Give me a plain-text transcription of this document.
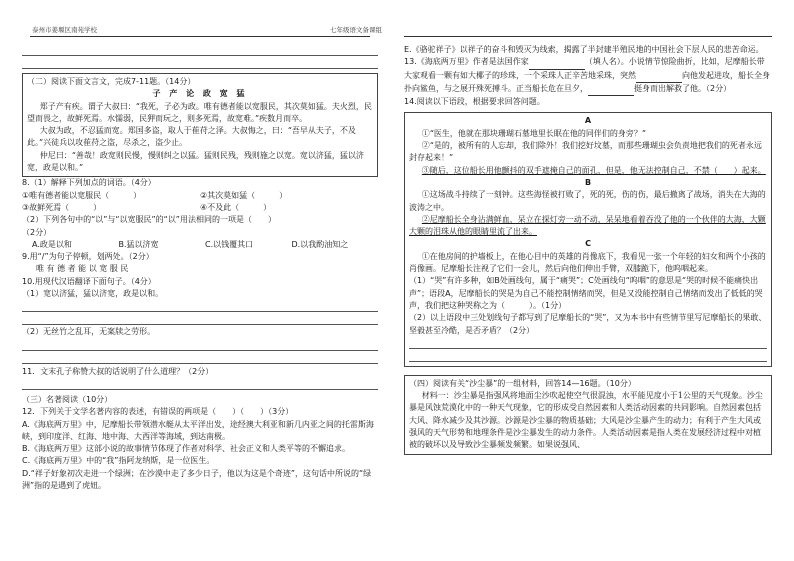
泰州市姜堰区南苑学校	七年级语文备课组

（二）阅读下面文言文，完成7-11题。（14分）

子 产 论 政 宽 猛

郑子产有疾。谓子大叔曰：“我死，子必为政。唯有德者能以宽服民，其次莫如猛。夫火烈，民望而畏之，故鲜死焉。水懦弱，民狎而玩之，则多死焉，故宽难。”疾数月而卒。

大叔为政，不忍猛而宽。郑国多盗，取人于萑苻之泽。大叔悔之，曰：“吾早从夫子，不及此。”兴徒兵以攻萑苻之盗，尽杀之，盗少止。

仲尼曰：“善哉！政宽则民慢，慢则纠之以猛。猛则民残，残则施之以宽。宽以济猛，猛以济宽，政是以和。”

8.（1）解释下列加点的词语。（4分）

①唯有德者能以宽服民（　　　）	②其次莫如猛（　　　）
③故鲜死焉（　　　）	④不及此（　　　）

（2）下列各句中的“以”与“以宽服民”的“以”用法相同的一项是（　　）

（2分）

A.政是以和	B.猛以济宽	C.以钱覆其口	D.以我酌油知之

9.用“/”为句子停顿，划两处。（2分）

唯 有 德 者 能 以 宽 服 民

10.用现代汉语翻译下面句子。（4分）

（1）宽以济猛，猛以济宽，政是以和。

（2）无丝竹之乱耳，无案牍之劳形。

11．文末孔子称赞大叔的话说明了什么道理？（2分）

（三）名著阅读（10分）

12．下列关于文学名著内容的表述，有错误的两项是（　　）（　　）（3分）

A.《海底两万里》中，尼摩船长带领潜水艇从太平洋出发，途经澳大利亚和新几内亚之间的托雷斯海峡，到印度洋、红海、地中海、大西洋等海域，到达南极。

B.《海底两万里》这部小说的故事情节体现了作者对科学、社会正义和人类平等的不懈追求。

C.《海底两万里》中的“我”指阿龙纳斯，是一位医生。

D.“祥子好象初次走进一个绿洲；在沙漠中走了多少日子，他以为这是个奇迹”，这句话中所说的“绿洲”指的是遇到了虎妞。

E.《骆驼祥子》以祥子的奋斗和毁灭为线索，揭露了半封建半殖民地的中国社会下层人民的悲苦命运。

13.《海底两万里》作者是法国作家	（填人名）。小说情节惊险曲折，比如，尼摩船长带大家观看一颗有如大椰子的珍珠，一个采珠人正辛苦地采珠，突然	向他发起进攻，船长全身扑向鲨鱼，与之展开殊死搏斗。正当船长危在旦夕，	挺身而出解救了他。（2分）

14.阅读以下语段，根据要求回答问题。

A

①“医生，他就在那块珊瑚石墓地里长眠在他的同伴们的身旁？”

②“是的，被所有的人忘却，我们除外！我们挖好坟墓，而那些珊瑚虫会负责地把我们的死者永远封存起来！”

③随后，这位船长用他颤抖的双手遮掩自己的面孔，但是，他无法控制自己，不禁（　　）起来。

B

①这场战斗持续了一刻钟。这些海怪被打败了，死的死，伤的伤，最后撤离了战场，消失在大海的波涛之中。

②尼摩船长全身沾满鲜血，呆立在探灯旁一动不动，呆呆地看着吞没了他的一个伙伴的大海，大颗大颗的泪珠从他的眼睛里流了出来。

C

①在他房间的护墙板上，在他心目中的英雄的肖像底下，我看见一张一个年轻的妇女和两个小孩的肖像画。尼摩船长注视了它们一会儿，然后向他们伸出手臂，双膝跪下，他呜咽起来。

（1）“哭”有许多种，如B处画线句，属于“痛哭”；C处画线句“呜咽”的意思是“哭的时候不能痛快出声”；语段A，尼摩船长的哭是为自己不能控制情绪而哭，但是又没能控制自己情绪而发出了低低的哭声，我们把这种哭称之为（　　　）。（1分）

（2）以上语段中三处划线句子都写到了尼摩船长的“哭”，又为本书中有些情节里写尼摩船长的果敢、坚毅甚至冷酷，是否矛盾？（2分）

（四）阅读有关“沙尘暴”的一组材料，回答14—16题。（10分）

材料一：沙尘暴是指强风将地面尘沙吹起使空气很混浊，水平能见度小于1公里的天气现象。沙尘暴是风蚀荒漠化中的一种天气现象，它的形成受自然因素和人类活动因素的共同影响。自然因素包括大风、降水减少及其沙源。沙源是沙尘暴的物质基础；大风是沙尘暴产生的动力；有利于产生大风或强风的天气形势和地理条件是沙尘暴发生的动力条件。人类活动因素是指人类在发展经济过程中对植被的破坏以及导致沙尘暴频发频繁。如果说强风、
